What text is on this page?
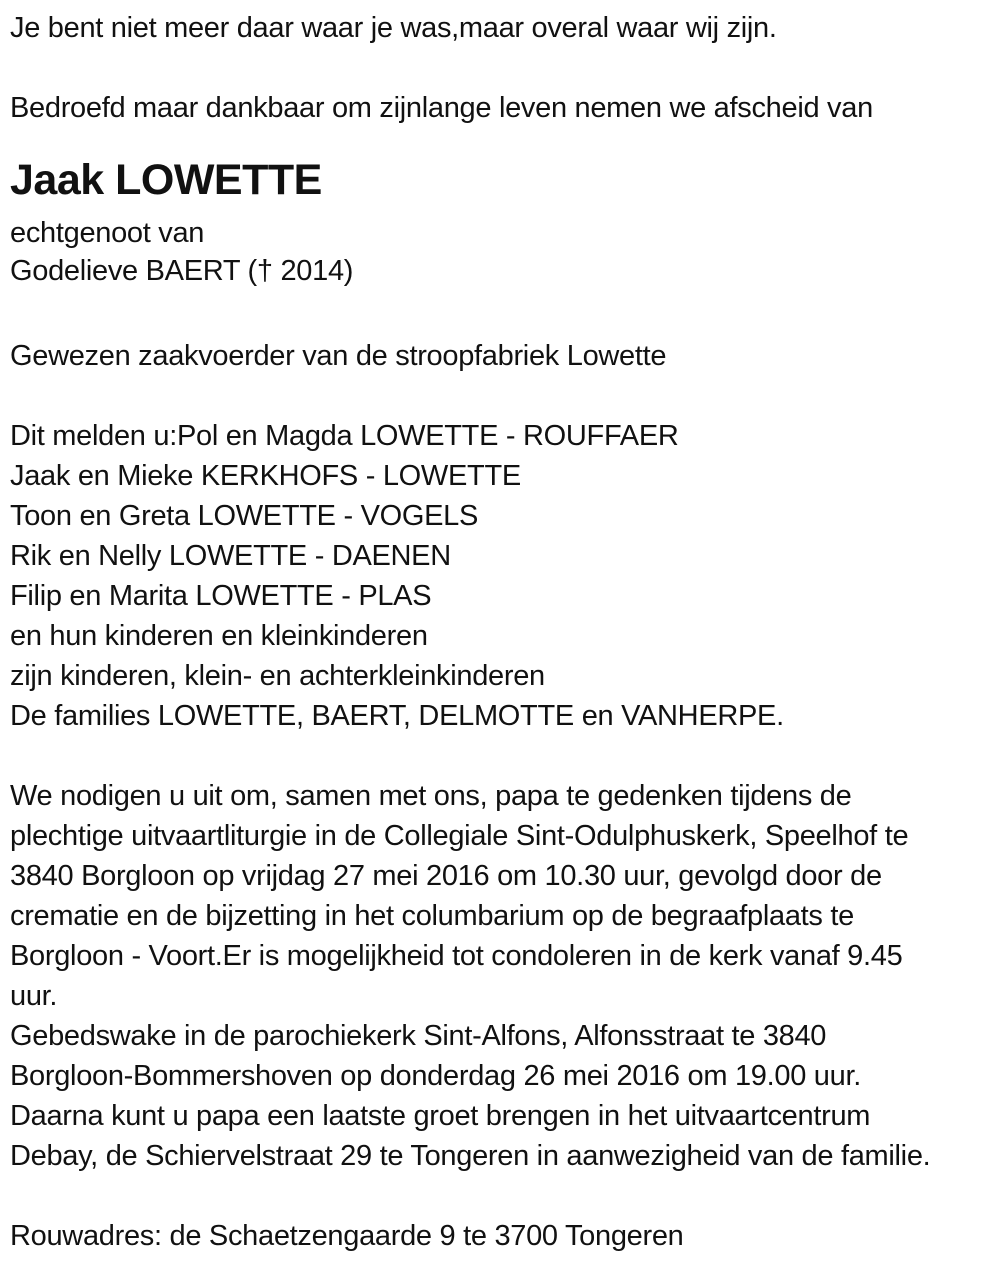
Je bent niet meer daar waar je was,maar overal waar wij zijn.
Bedroefd maar dankbaar om zijnlange leven nemen we afscheid van
Jaak LOWETTE
echtgenoot van
Godelieve BAERT († 2014)
Gewezen zaakvoerder van de stroopfabriek Lowette
Dit melden u:Pol en Magda LOWETTE - ROUFFAER
Jaak en Mieke KERKHOFS - LOWETTE
Toon en Greta LOWETTE - VOGELS
Rik en Nelly LOWETTE - DAENEN
Filip en Marita LOWETTE - PLAS
en hun kinderen en kleinkinderen
zijn kinderen, klein- en achterkleinkinderen
De families LOWETTE, BAERT, DELMOTTE en VANHERPE.
We nodigen u uit om, samen met ons, papa te gedenken tijdens de
plechtige uitvaartliturgie in de Collegiale Sint-Odulphuskerk, Speelhof te
3840 Borgloon op vrijdag 27 mei 2016 om 10.30 uur, gevolgd door de
crematie en de bijzetting in het columbarium op de begraafplaats te
Borgloon - Voort.Er is mogelijkheid tot condoleren in de kerk vanaf 9.45
uur.
Gebedswake in de parochiekerk Sint-Alfons, Alfonsstraat te 3840
Borgloon-Bommershoven op donderdag 26 mei 2016 om 19.00 uur.
Daarna kunt u papa een laatste groet brengen in het uitvaartcentrum
Debay, de Schiervelstraat 29 te Tongeren in aanwezigheid van de familie.
Rouwadres: de Schaetzengaarde 9 te 3700 Tongeren
